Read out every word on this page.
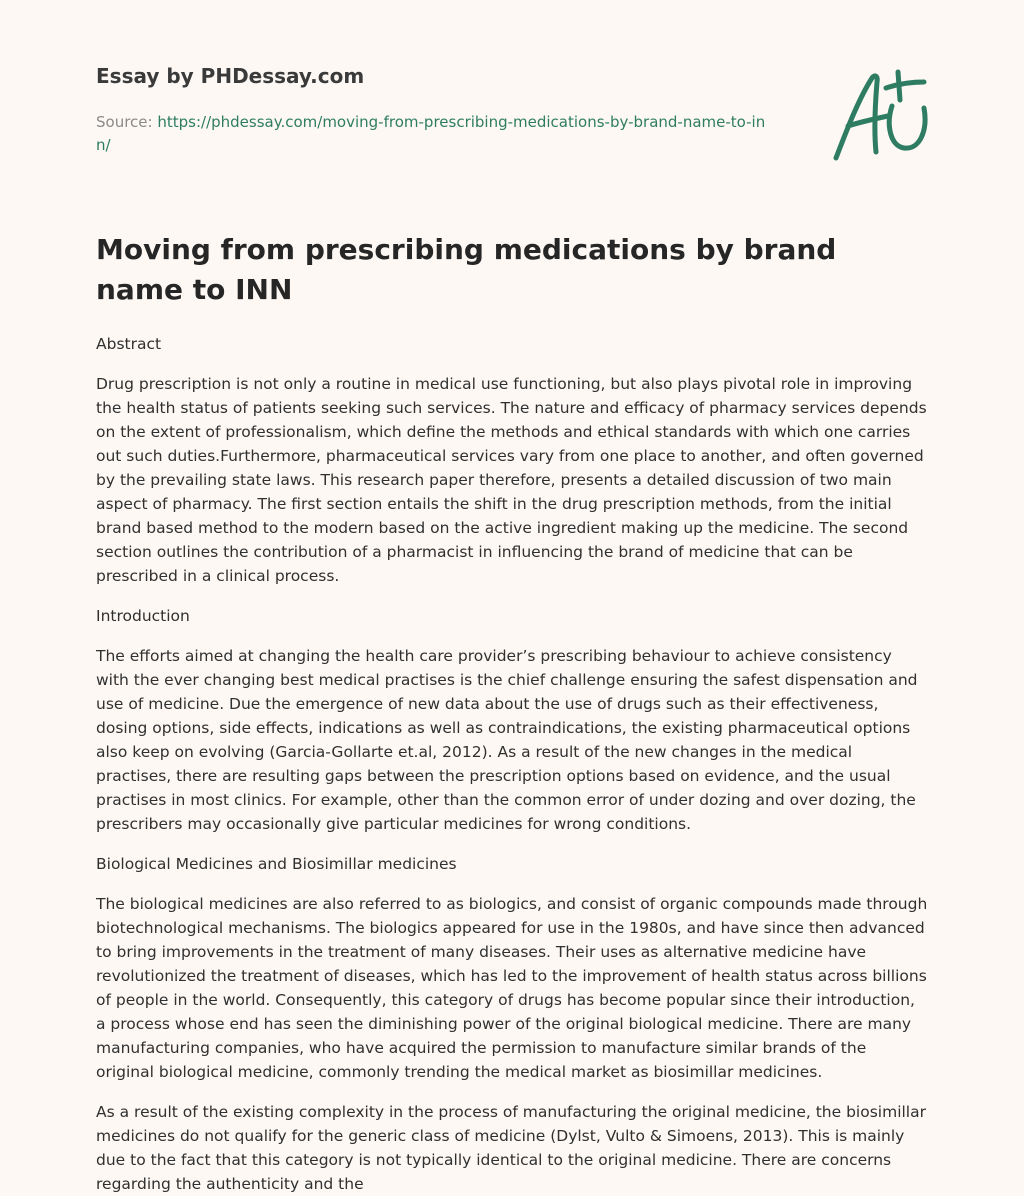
Essay by PHDessay.com
Source: https://phdessay.com/moving-from-prescribing-medications-by-brand-name-to-inn/
Moving from prescribing medications by brand name to INN

Abstract

Drug prescription is not only a routine in medical use functioning, but also plays pivotal role in improving the health status of patients seeking such services. The nature and efficacy of pharmacy services depends on the extent of professionalism, which define the methods and ethical standards with which one carries out such duties.Furthermore, pharmaceutical services vary from one place to another, and often governed by the prevailing state laws. This research paper therefore, presents a detailed discussion of two main aspect of pharmacy. The first section entails the shift in the drug prescription methods, from the initial brand based method to the modern based on the active ingredient making up the medicine. The second section outlines the contribution of a pharmacist in influencing the brand of medicine that can be prescribed in a clinical process.

Introduction

The efforts aimed at changing the health care provider’s prescribing behaviour to achieve consistency with the ever changing best medical practises is the chief challenge ensuring the safest dispensation and use of medicine. Due the emergence of new data about the use of drugs such as their effectiveness, dosing options, side effects, indications as well as contraindications, the existing pharmaceutical options also keep on evolving (Garcia-Gollarte et.al, 2012). As a result of the new changes in the medical practises, there are resulting gaps between the prescription options based on evidence, and the usual practises in most clinics. For example, other than the common error of under dozing and over dozing, the prescribers may occasionally give particular medicines for wrong conditions.

Biological Medicines and Biosimillar medicines

The biological medicines are also referred to as biologics, and consist of organic compounds made through biotechnological mechanisms. The biologics appeared for use in the 1980s, and have since then advanced to bring improvements in the treatment of many diseases. Their uses as alternative medicine have revolutionized the treatment of diseases, which has led to the improvement of health status across billions of people in the world. Consequently, this category of drugs has become popular since their introduction, a process whose end has seen the diminishing power of the original biological medicine. There are many manufacturing companies, who have acquired the permission to manufacture similar brands of the original biological medicine, commonly trending the medical market as biosimillar medicines.

As a result of the existing complexity in the process of manufacturing the original medicine, the biosimillar medicines do not qualify for the generic class of medicine (Dylst, Vulto & Simoens, 2013). This is mainly due to the fact that this category is not typically identical to the original medicine. There are concerns regarding the authenticity and the
